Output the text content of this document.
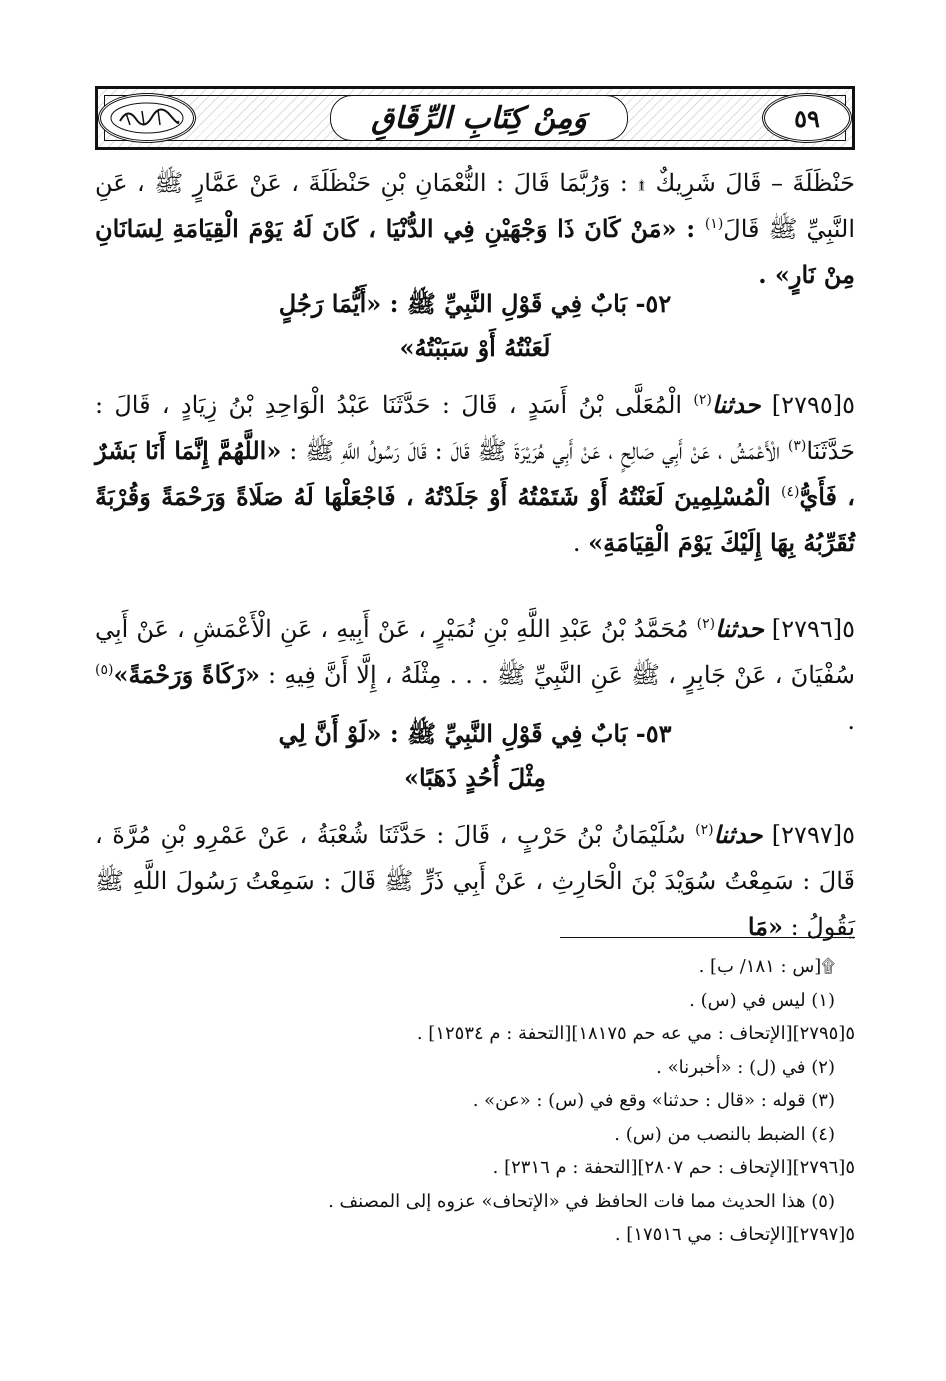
وَمِنْ كِتَابِ الرِّقَاقِ	٥٩

حَنْظَلَةَ – قَالَ شَرِيكٌ ۩ : وَرُبَّمَا قَالَ : النُّعْمَانِ بْنِ حَنْظَلَةَ ، عَنْ عَمَّارٍ ﷺ ، عَنِ النَّبِيِّ ﷺ قَالَ$^{(١)}$ : «مَنْ كَانَ ذَا وَجْهَيْنِ فِي الدُّنْيَا ، كَانَ لَهُ يَوْمَ الْقِيَامَةِ لِسَانَانِ مِنْ نَارٍ» .

٥٢- بَابٌ فِي قَوْلِ النَّبِيِّ ﷺ : «أَيُّمَا رَجُلٍ
لَعَنْتُهُ أَوْ سَبَبْتُهُ»

٥[٢٧٩٥] حدثنا$^{(٢)}$ الْمُعَلَّى بْنُ أَسَدٍ ، قَالَ : حَدَّثَنَا عَبْدُ الْوَاحِدِ بْنُ زِيَادٍ ، قَالَ : حَدَّثَنَا$^{(٣)}$ الْأَعْمَشُ ، عَنْ أَبِي صَالِحٍ ، عَنْ أَبِي هُرَيْرَةَ ﷺ قَالَ : قَالَ رَسُولُ اللَّهِ ﷺ : «اللَّهُمَّ إِنَّمَا أَنَا بَشَرٌ ، فَأَيُّ$^{(٤)}$ الْمُسْلِمِينَ لَعَنْتُهُ أَوْ شَتَمْتُهُ أَوْ جَلَدْتُهُ ، فَاجْعَلْهَا لَهُ صَلَاةً وَرَحْمَةً وَقُرْبَةً تُقَرِّبُهُ بِهَا إِلَيْكَ يَوْمَ الْقِيَامَةِ» .

٥[٢٧٩٦] حدثنا$^{(٢)}$ مُحَمَّدُ بْنُ عَبْدِ اللَّهِ بْنِ نُمَيْرٍ ، عَنْ أَبِيهِ ، عَنِ الْأَعْمَشِ ، عَنْ أَبِي سُفْيَانَ ، عَنْ جَابِرٍ ، ﷺ عَنِ النَّبِيِّ ﷺ . . . مِثْلَهُ ، إِلَّا أَنَّ فِيهِ : «زَكَاةً وَرَحْمَةً»$^{(٥)}$ .

٥٣- بَابٌ فِي قَوْلِ النَّبِيِّ ﷺ : «لَوْ أَنَّ لِي
مِثْلَ أُحُدٍ ذَهَبًا»

٥[٢٧٩٧] حدثنا$^{(٢)}$ سُلَيْمَانُ بْنُ حَرْبٍ ، قَالَ : حَدَّثَنَا شُعْبَةُ ، عَنْ عَمْرِو بْنِ مُرَّةَ ، قَالَ : سَمِعْتُ سُوَيْدَ بْنَ الْحَارِثِ ، عَنْ أَبِي ذَرٍّ ﷺ قَالَ : سَمِعْتُ رَسُولَ اللَّهِ ﷺ يَقُولُ : «مَا

۩[س : ١٨١/ ب] .

(١) ليس في (س) .

٥[٢٧٩٥][الإتحاف : مي عه حم ١٨١٧٥][التحفة : م ١٢٥٣٤] .

(٢) في (ل) : «أخبرنا» .

(٣) قوله : «قال : حدثنا» وقع في (س) : «عن» .

(٤) الضبط بالنصب من (س) .

٥[٢٧٩٦][الإتحاف : حم ٢٨٠٧][التحفة : م ٢٣١٦] .

(٥) هذا الحديث مما فات الحافظ في «الإتحاف» عزوه إلى المصنف .

٥[٢٧٩٧][الإتحاف : مي ١٧٥١٦] .
